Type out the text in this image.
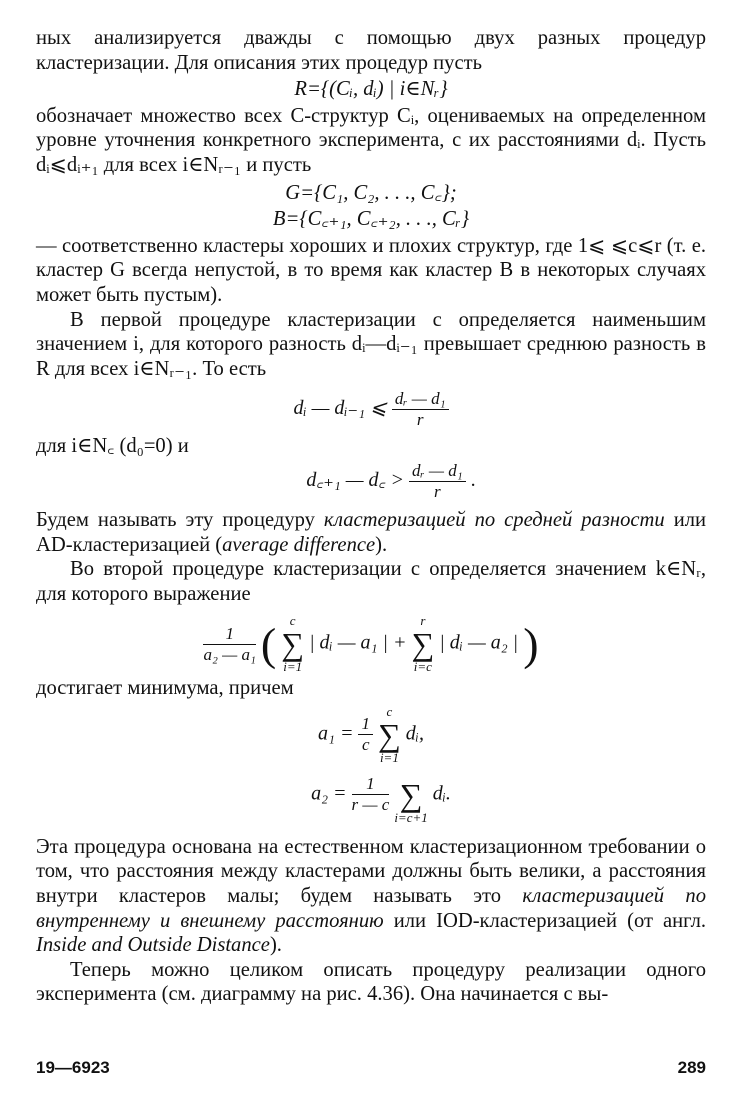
ных анализируется дважды с помощью двух разных процедур кластеризации. Для описания этих процедур пусть

R={(Cᵢ, dᵢ) | i∈Nᵣ}

обозначает множество всех C-структур Cᵢ, оцениваемых на определенном уровне уточнения конкретного эксперимента, с их расстояниями dᵢ. Пусть dᵢ⩽dᵢ₊₁ для всех i∈Nᵣ₋₁ и пусть

G={C₁, C₂, . . ., C꜀};

B={C꜀₊₁, C꜀₊₂, . . ., Cᵣ}

— соответственно кластеры хороших и плохих структур, где 1⩽ ⩽c⩽r (т. е. кластер G всегда непустой, в то время как кластер B в некоторых случаях может быть пустым).

В первой процедуре кластеризации c определяется наименьшим значением i, для которого разность dᵢ—dᵢ₋₁ превышает среднюю разность в R для всех i∈Nᵣ₋₁. То есть

dᵢ — dᵢ₋₁ ⩽ $\frac{\text{dᵣ — d₁}}{r}$

для i∈N꜀ (d₀=0) и

d꜀₊₁ — d꜀ > $\frac{\text{dᵣ — d₁}}{r}$ .

Будем называть эту процедуру кластеризацией по средней разности или AD-кластеризацией (average difference).

Во второй процедуре кластеризации c определяется значением k∈Nᵣ, для которого выражение

$\frac{1}{\text{a₂ — a₁}}$ (	c
∑
i=1
| dᵢ — a₁ | +
r
∑
i=c
| dᵢ — a₂ | )

достигает минимума, причем

$a_1 = \frac{1}{c}$

c
∑
i=1
dᵢ,
$a_2 = \frac{1}{r — c}$
∑
i=c+1
dᵢ.

Эта процедура основана на естественном кластеризационном требовании о том, что расстояния между кластерами должны быть велики, а расстояния внутри кластеров малы; будем называть это кластеризацией по внутреннему и внешнему расстоянию или IOD-кластеризацией (от англ. Inside and Outside Distance).

Теперь можно целиком описать процедуру реализации одного эксперимента (см. диаграмму на рис. 4.36). Она начинается с вы-

19—6923	289
